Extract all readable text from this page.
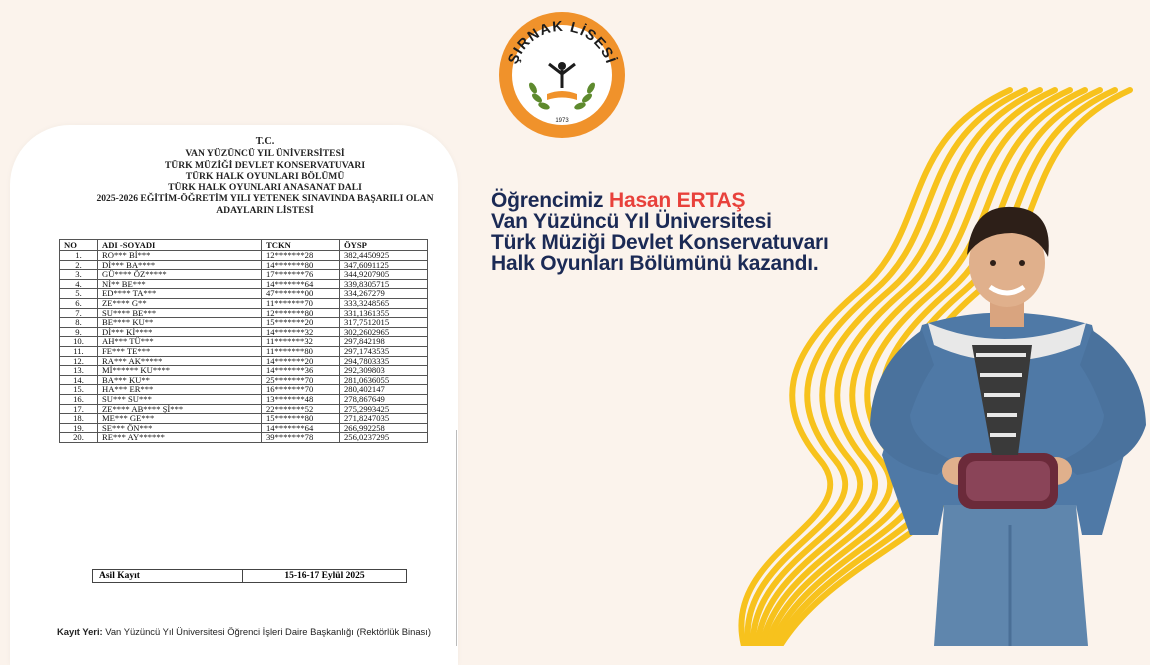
ŞIRNAK LİSESİ
1973
T.C.
VAN YÜZÜNCÜ YIL ÜNİVERSİTESİ
TÜRK MÜZİĞİ DEVLET KONSERVATUVARI
TÜRK HALK OYUNLARI BÖLÜMÜ
TÜRK HALK OYUNLARI ANASANAT DALI
2025-2026 EĞİTİM-ÖĞRETİM YILI YETENEK SINAVINDA BAŞARILI OLAN
ADAYLARIN LİSTESİ
NO	ADI -SOYADI	TCKN	ÖYSP
1.	RO*** Bİ***	12*******28	382,4450925
2.	Dİ*** BA****	14*******80	347,6091125
3.	GÜ**** ÖZ*****	17*******76	344,9207905
4.	Nİ** BE***	14*******64	339,8305715
5.	ED**** TA***	47*******00	334,267279
6.	ZE**** G**	11*******70	333,3248565
7.	SU**** BE***	12*******80	331,1361355
8.	BE**** KU**	15*******20	317,7512015
9.	Dİ*** Kİ****	14*******32	302,2602965
10.	AH*** TÜ***	11*******32	297,842198
11.	FE*** TE***	11*******80	297,1743535
12.	RA*** AK*****	14*******20	294,7803335
13.	Mİ****** KU****	14*******36	292,309803
14.	BA*** KU**	25*******70	281,0636055
15.	HA*** ER***	16*******70	280,402147
16.	SU*** SU***	13*******48	278,867649
17.	ZE**** AB**** Şİ***	22*******52	275,2993425
18.	ME*** GE***	15*******80	271,8247035
19.	SE*** ÖN***	14*******64	266,992258
20.	RE*** AY******	39*******78	256,0237295
Asil Kayıt	15-16-17 Eylül 2025
Kayıt Yeri: Van Yüzüncü Yıl Üniversitesi Öğrenci İşleri Daire Başkanlığı (Rektörlük Binası)
Öğrencimiz Hasan ERTAŞ
Van Yüzüncü Yıl Üniversitesi
Türk Müziği Devlet Konservatuvarı
Halk Oyunları Bölümünü kazandı.
